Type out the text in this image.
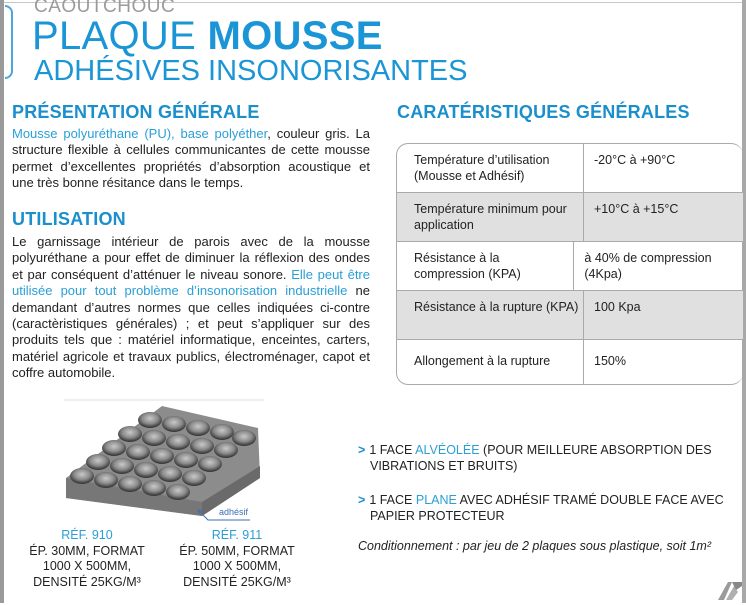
CAOUTCHOUC
PLAQUE MOUSSE
ADHÉSIVES INSONORISANTES
PRÉSENTATION GÉNÉRALE
Mousse polyuréthane (PU), base polyéther, couleur gris. La structure flexible à cellules communicantes de cette mousse permet d’excellentes propriétés d’absorption acoustique et une très bonne résitance dans le temps.
UTILISATION
Le garnissage intérieur de parois avec de la mousse polyuréthane a pour effet de diminuer la réflexion des ondes et par conséquent d’atténuer le niveau sonore. Elle peut être utilisée pour tout problème d’insonorisation industrielle ne demandant d’autres normes que celles indiquées ci-contre (caractèristiques générales) ; et peut s’appliquer sur des produits tels que : matériel informatique, enceintes, carters, matériel agricole et travaux publics, électroménager, capot et coffre automobile.
CARATÉRISTIQUES GÉNÉRALES
Température d’utilisation (Mousse et Adhésif)
-20°C à +90°C
Température minimum pour application
+10°C à +15°C
Résistance à la compression (KPA)
à 40% de compression (4Kpa)
Résistance à la rupture (KPA)	100 Kpa
Allongement à la rupture	150%
adhésif
RÉF. 910
ÉP. 30MM, FORMAT
1000 X 500MM,
DENSITÉ 25KG/M³
RÉF. 911
ÉP. 50MM, FORMAT
1000 X 500MM,
DENSITÉ 25KG/M³
> 1 FACE ALVÉOLÉE (POUR MEILLEURE ABSORPTION DES
VIBRATIONS ET BRUITS)
> 1 FACE PLANE AVEC ADHÉSIF TRAMÉ DOUBLE FACE AVEC
PAPIER PROTECTEUR
Conditionnement : par jeu de 2 plaques sous plastique, soit 1m²
